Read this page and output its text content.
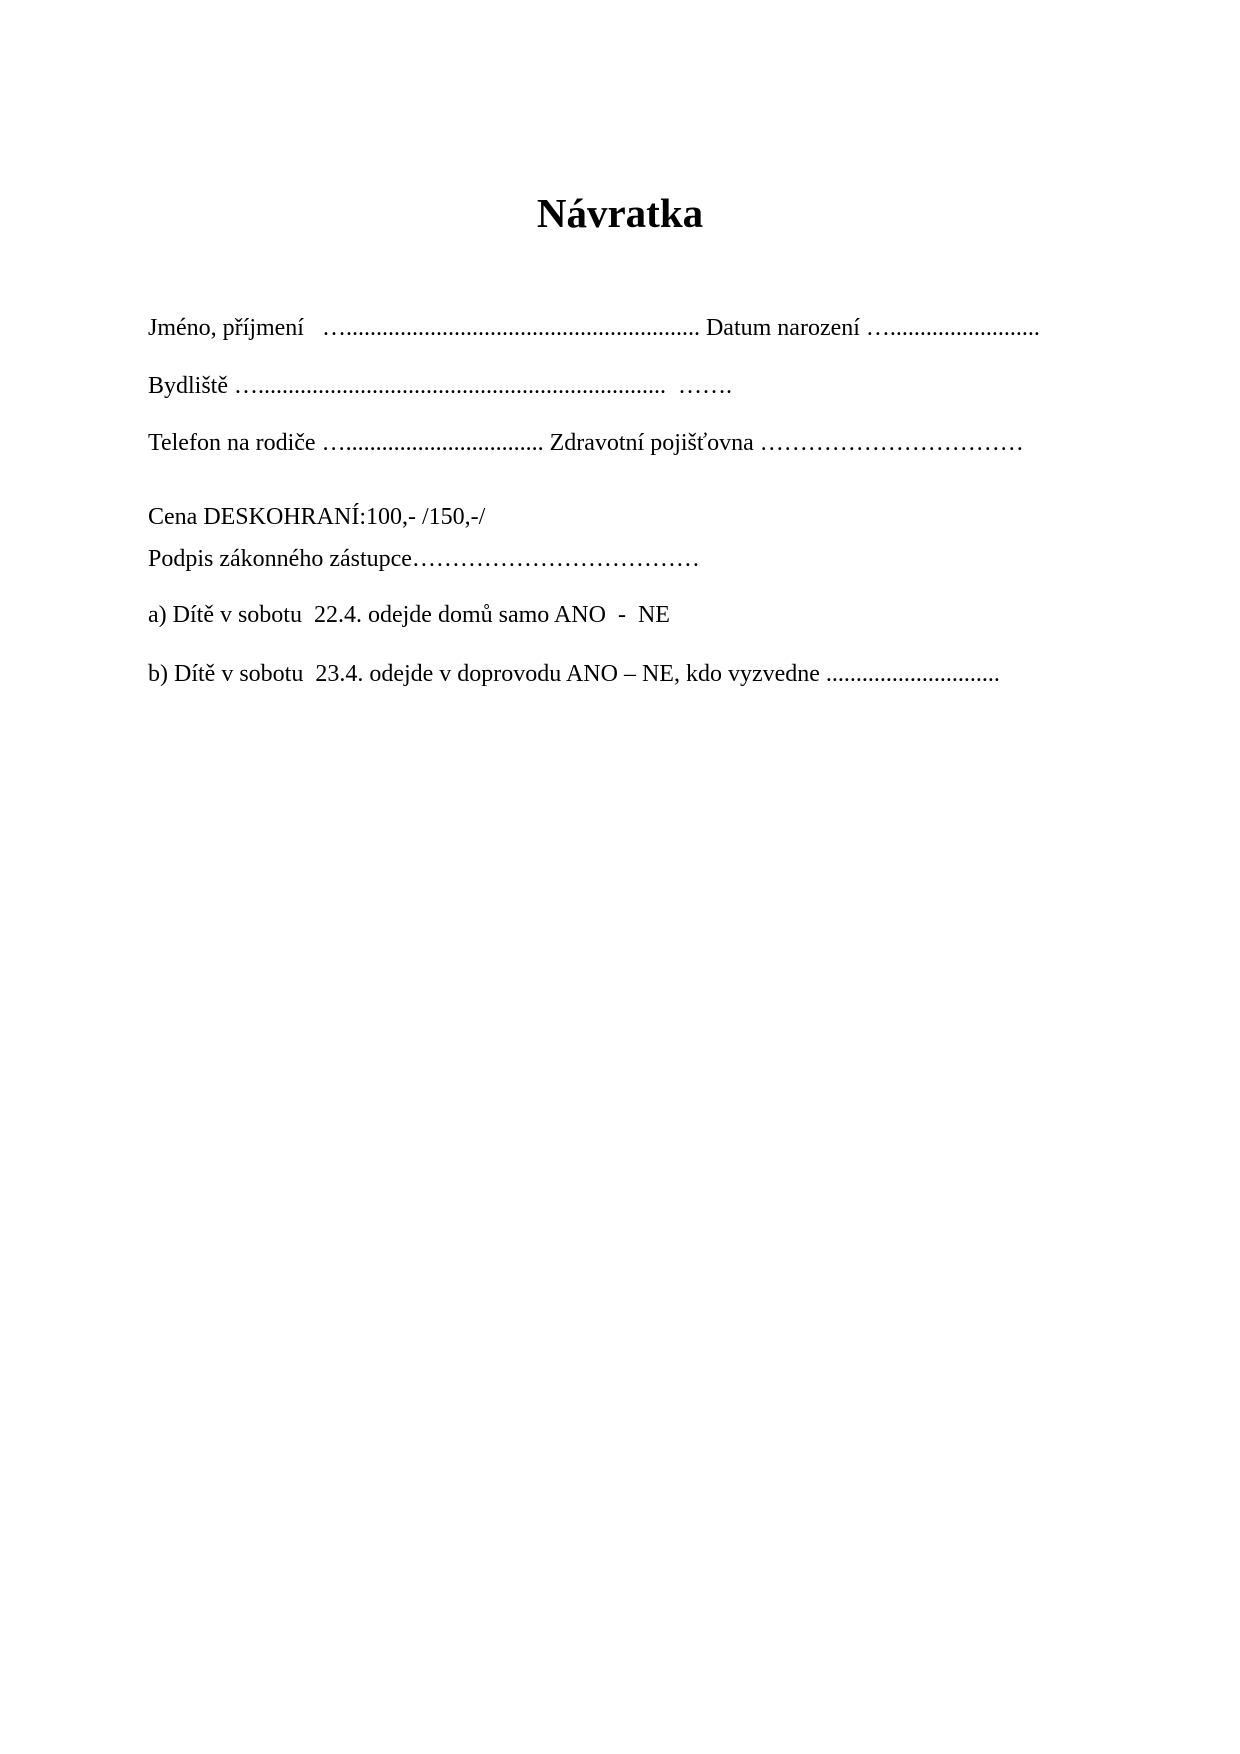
Návratka
Jméno, příjmení   …........................................................... Datum narození ….........................
Bydliště …....................................................................  …….
Telefon na rodiče …................................. Zdravotní pojišťovna ……………………………
Cena DESKOHRANÍ:100,- /150,-/
Podpis zákonného zástupce………………………………
a) Dítě v sobotu  22.4. odejde domů samo ANO  -  NE
b) Dítě v sobotu  23.4. odejde v doprovodu ANO – NE, kdo vyzvedne .............................
